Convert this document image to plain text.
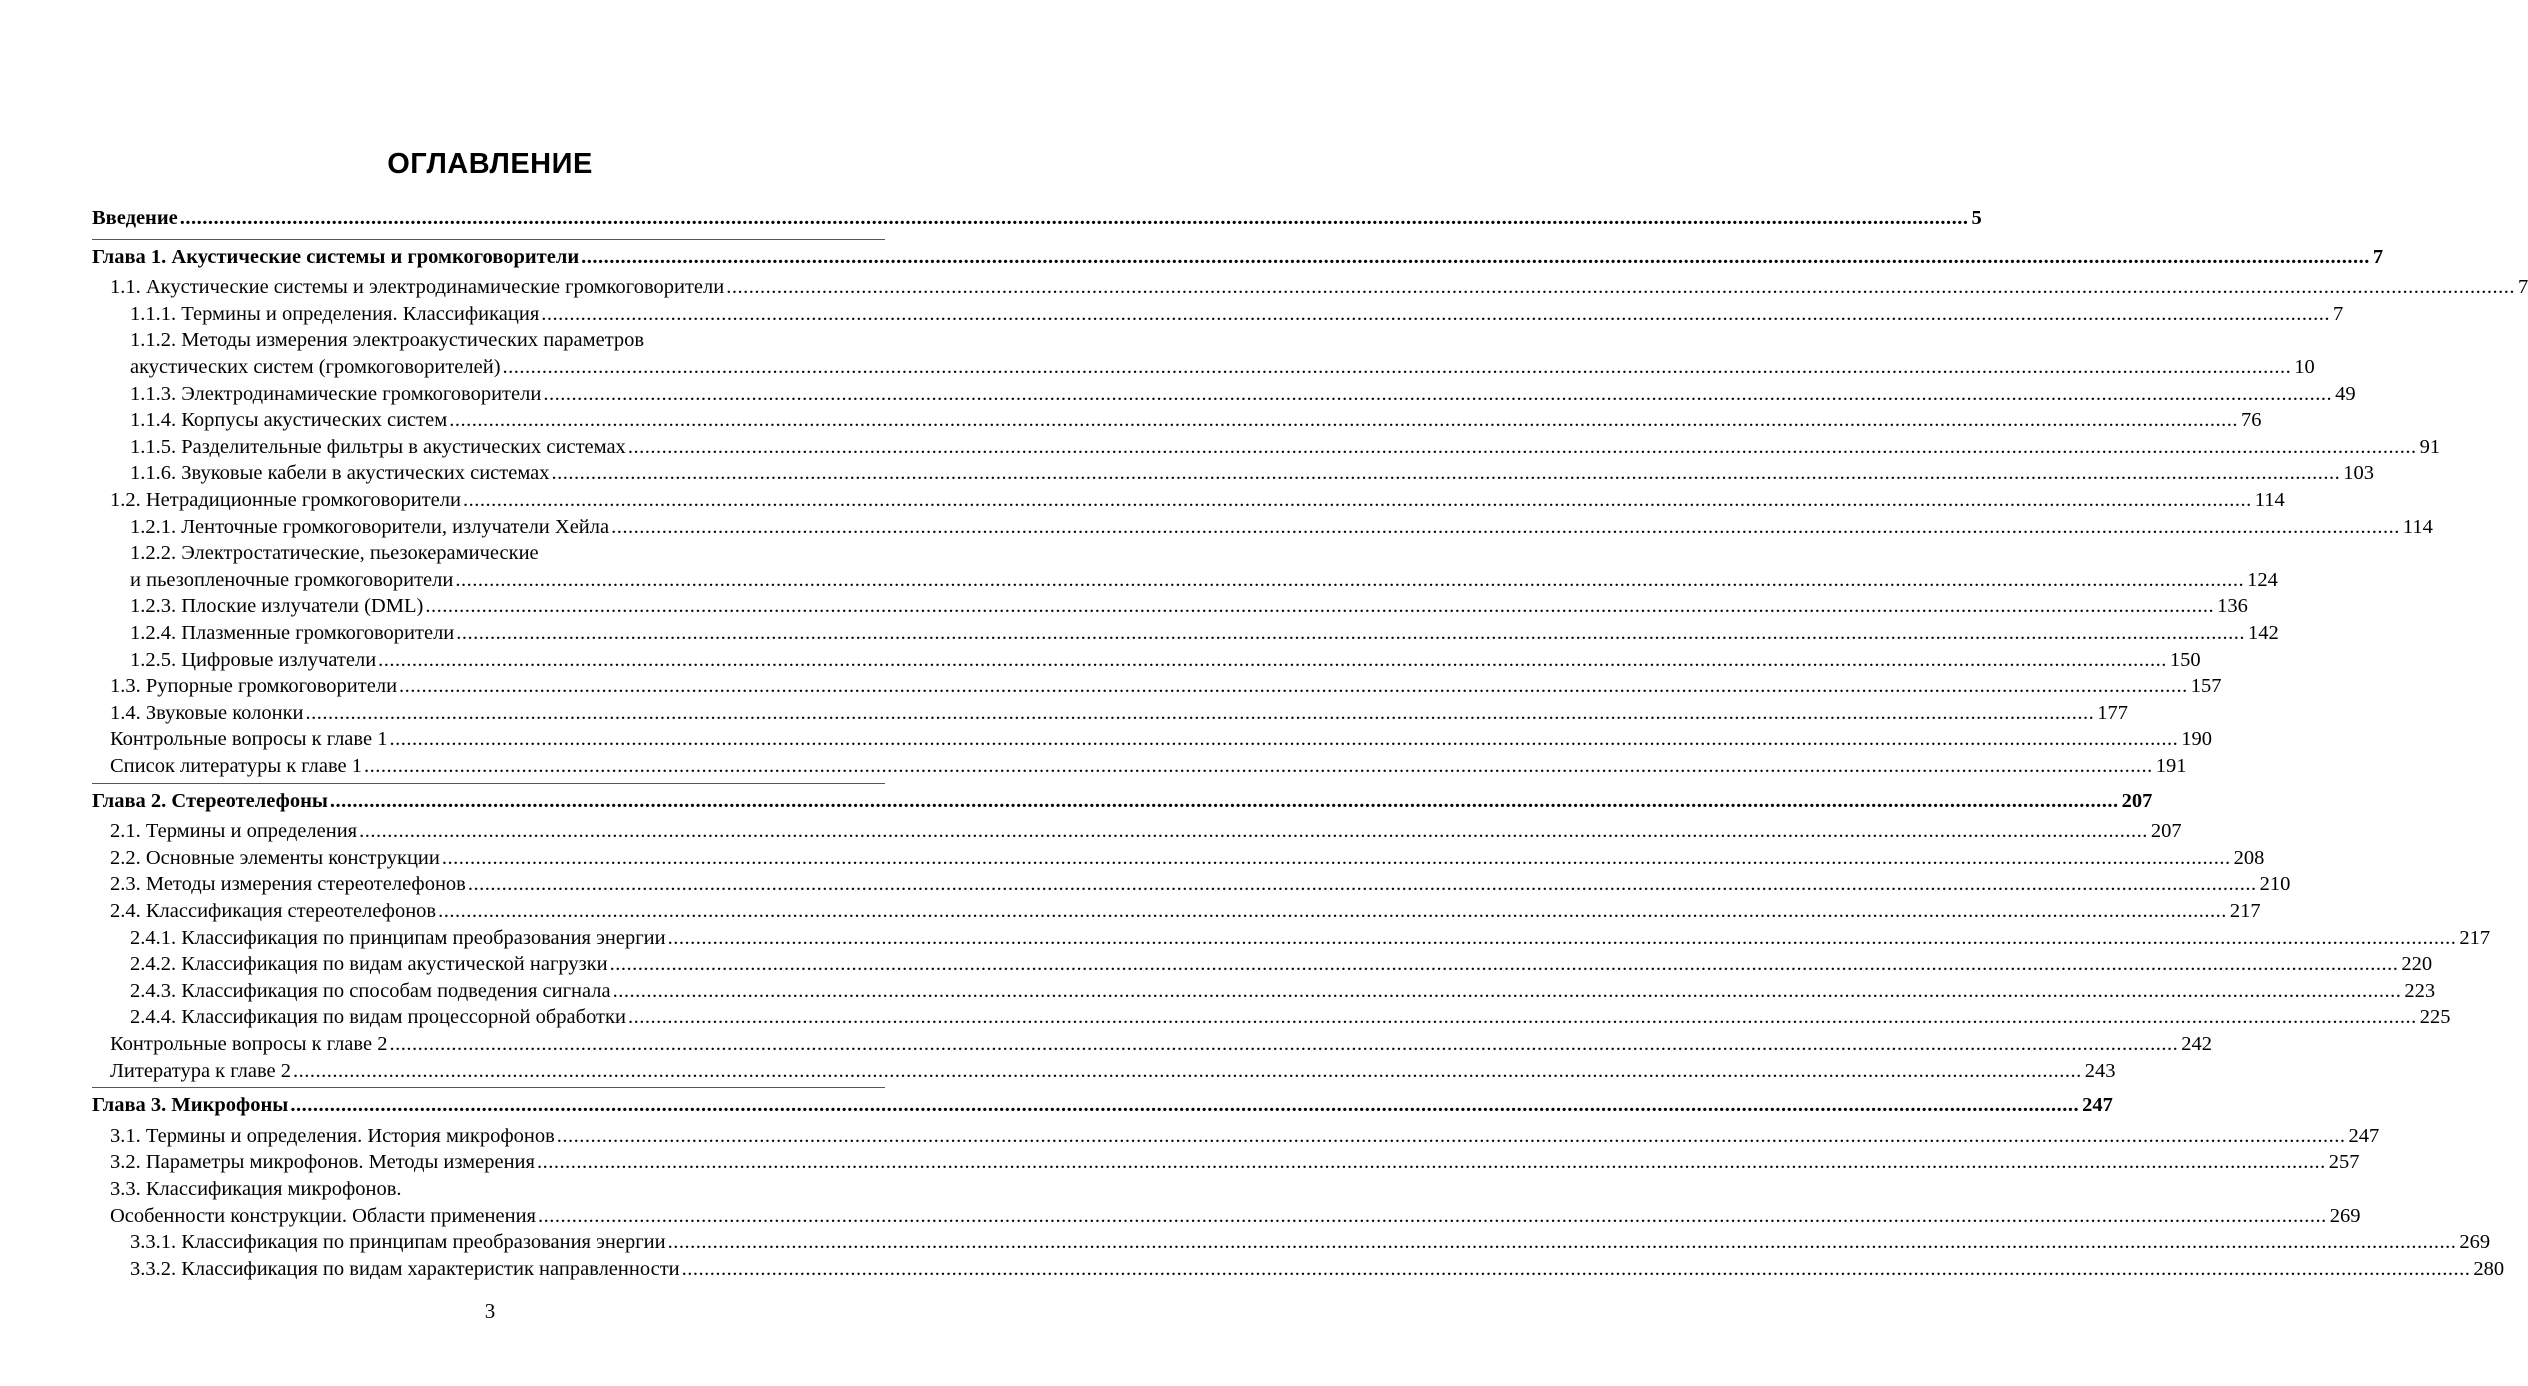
ОГЛАВЛЕНИЕ
Введение .....	5
Глава 1. Акустические системы и громкоговорители .....	7
1.1. Акустические системы и электродинамические громкоговорители .....	7
1.1.1. Термины и определения. Классификация .....	7
1.1.2. Методы измерения электроакустических параметров
акустических систем (громкоговорителей) .....	10
1.1.3. Электродинамические громкоговорители .....	49
1.1.4. Корпусы акустических систем .....	76
1.1.5. Разделительные фильтры в акустических системах .....	91
1.1.6. Звуковые кабели в акустических системах .....	103
1.2. Нетрадиционные громкоговорители .....	114
1.2.1. Ленточные громкоговорители, излучатели Хейла .....	114
1.2.2. Электростатические, пьезокерамические
и пьезопленочные громкоговорители .....	124
1.2.3. Плоские излучатели (DML) .....	136
1.2.4. Плазменные громкоговорители .....	142
1.2.5. Цифровые излучатели .....	150
1.3. Рупорные громкоговорители .....	157
1.4. Звуковые колонки .....	177
Контрольные вопросы к главе 1 .....	190
Список литературы к главе 1 .....	191
Глава 2. Стереотелефоны .....	207
2.1. Термины и определения .....	207
2.2. Основные элементы конструкции .....	208
2.3. Методы измерения стереотелефонов .....	210
2.4. Классификация стереотелефонов .....	217
2.4.1. Классификация по принципам преобразования энергии .....	217
2.4.2. Классификация по видам акустической нагрузки .....	220
2.4.3. Классификация по способам подведения сигнала .....	223
2.4.4. Классификация по видам процессорной обработки .....	225
Контрольные вопросы к главе 2 .....	242
Литература к главе 2 .....	243
Глава 3. Микрофоны .....	247
3.1. Термины и определения. История микрофонов .....	247
3.2. Параметры микрофонов. Методы измерения .....	257
3.3. Классификация микрофонов.
Особенности конструкции. Области применения .....	269
3.3.1. Классификация по принципам преобразования энергии .....	269
3.3.2. Классификация по видам характеристик направленности .....	280
3
